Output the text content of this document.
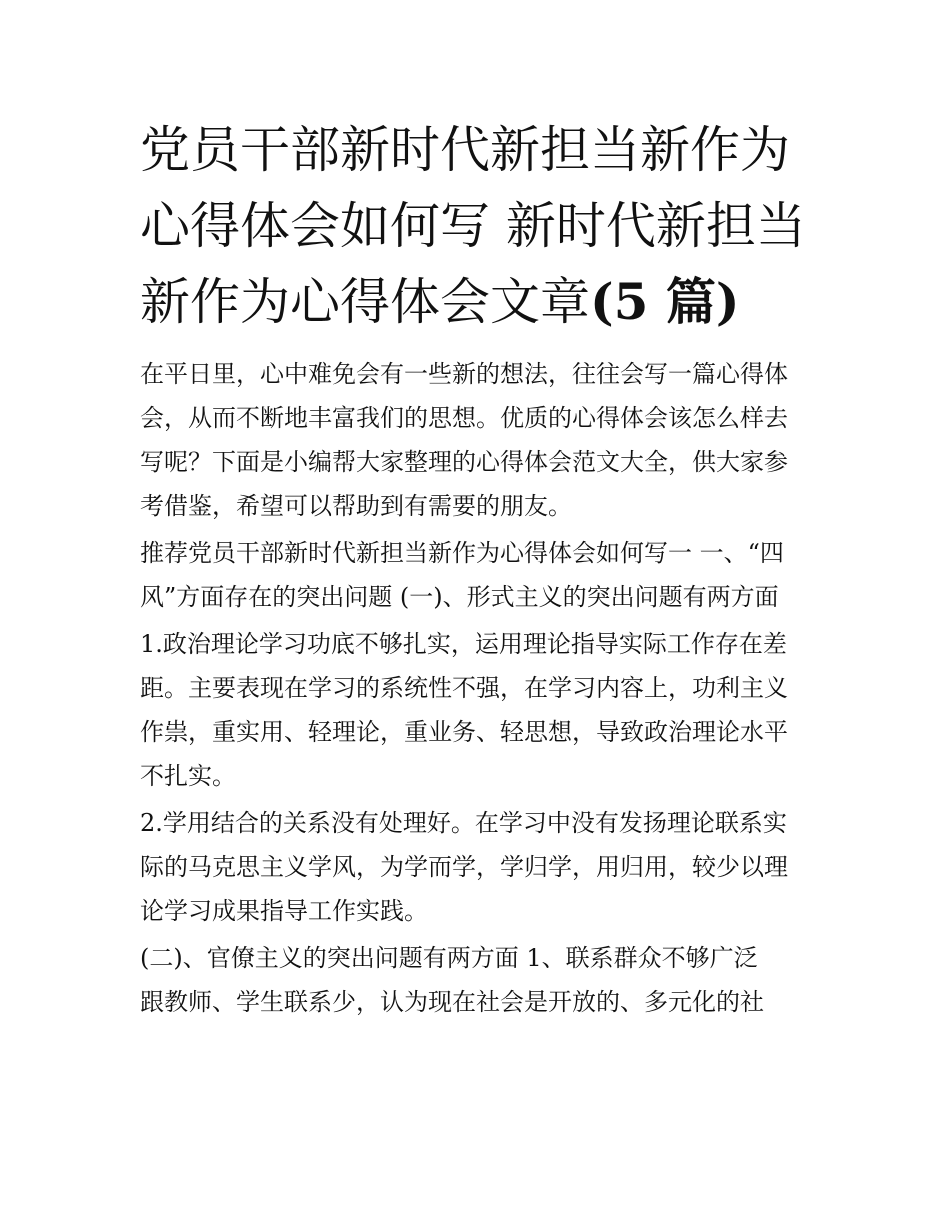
党员干部新时代新担当新作为
心得体会如何写 新时代新担当
新作为心得体会文章(5 篇)
在平日里，心中难免会有一些新的想法，往往会写一篇心得体
会，从而不断地丰富我们的思想。优质的心得体会该怎么样去
写呢？下面是小编帮大家整理的心得体会范文大全，供大家参
考借鉴，希望可以帮助到有需要的朋友。
推荐党员干部新时代新担当新作为心得体会如何写一 一、“四
风”方面存在的突出问题 (一)、形式主义的突出问题有两方面
1.政治理论学习功底不够扎实，运用理论指导实际工作存在差
距。主要表现在学习的系统性不强，在学习内容上，功利主义
作祟，重实用、轻理论，重业务、轻思想，导致政治理论水平
不扎实。
2.学用结合的关系没有处理好。在学习中没有发扬理论联系实
际的马克思主义学风，为学而学，学归学，用归用，较少以理
论学习成果指导工作实践。
(二)、官僚主义的突出问题有两方面 1、联系群众不够广泛
跟教师、学生联系少，认为现在社会是开放的、多元化的社
